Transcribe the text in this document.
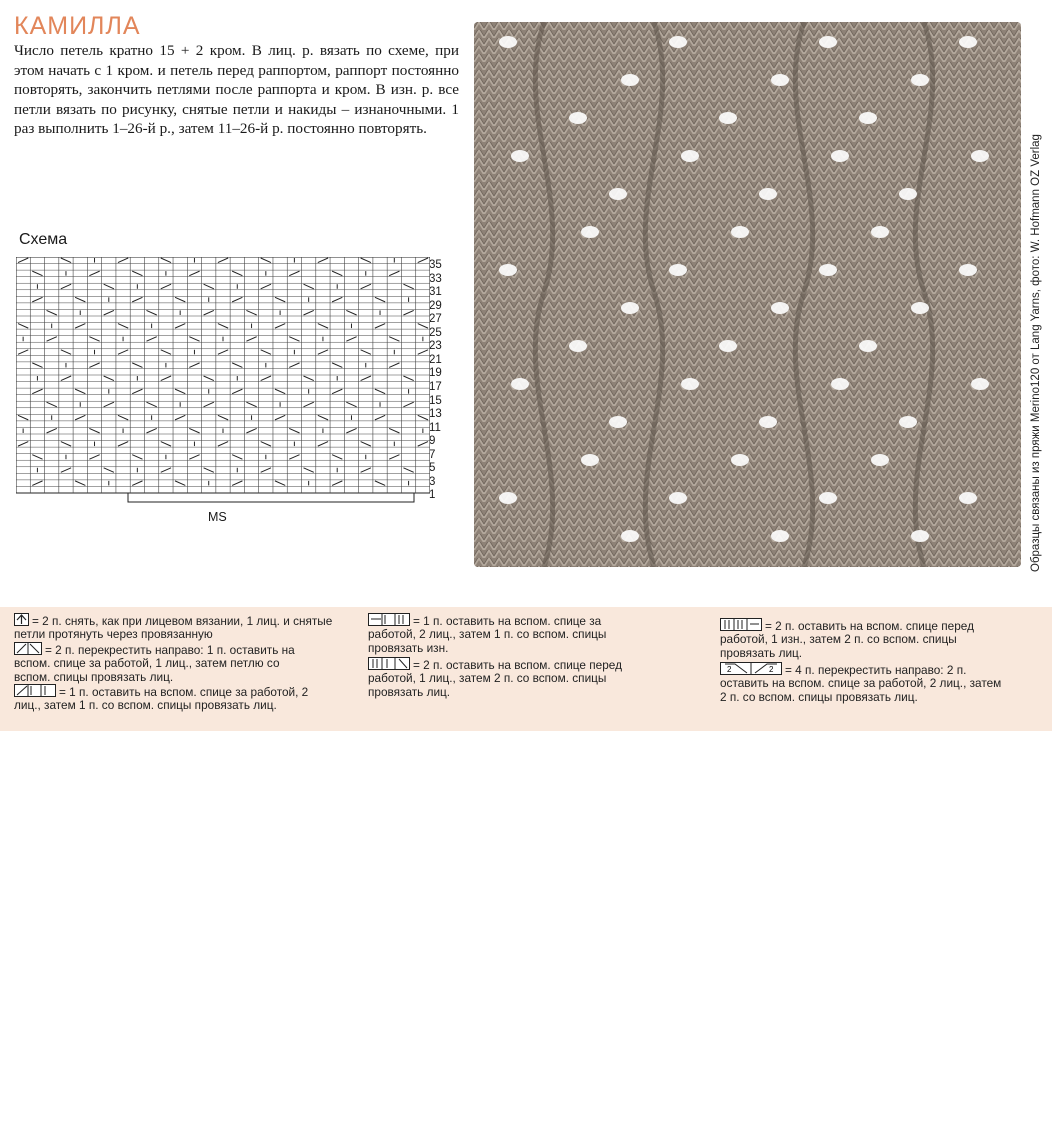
КАМИЛЛА
Число петель кратно 15 + 2 кром. В лиц. р. вязать по схеме, при этом начать с 1 кром. и петель перед раппортом, раппорт постоянно повторять, закончить петлями после раппорта и кром. В изн. р. все петли вязать по рисунку, снятые петли и накиды – изнаночными. 1 раз выполнить 1–26-й р., затем 11–26-й р. постоянно повторять.
Схема
35
33
31
29
27
25
23
21
19
17
15
13
11
9
7
5
3
1
MS	Образцы связаны из пряжи Merino120 от Lang Yarns, фото: W. Hofmann OZ Verlag
= 2 п. снять, как при лицевом вязании, 1 лиц. и снятые петли протянуть через провязанную
= 2 п. перекрестить направо: 1 п. оставить на вспом. спице за работой, 1 лиц., затем петлю со вспом. спицы провязать лиц.
= 1 п. оставить на вспом. спице за работой, 2 лиц., затем 1 п. со вспом. спицы провязать лиц.
= 1 п. оставить на вспом. спице за работой, 2 лиц., затем 1 п. со вспом. спицы провязать изн.
= 2 п. оставить на вспом. спице перед работой, 1 лиц., затем 2 п. со вспом. спицы провязать лиц.
= 2 п. оставить на вспом. спице перед работой, 1 изн., затем 2 п. со вспом. спицы провязать лиц.
2	2 = 4 п. перекрестить направо: 2 п. оставить на вспом. спице за работой, 2 лиц., затем 2 п. со вспом. спицы провязать лиц.
